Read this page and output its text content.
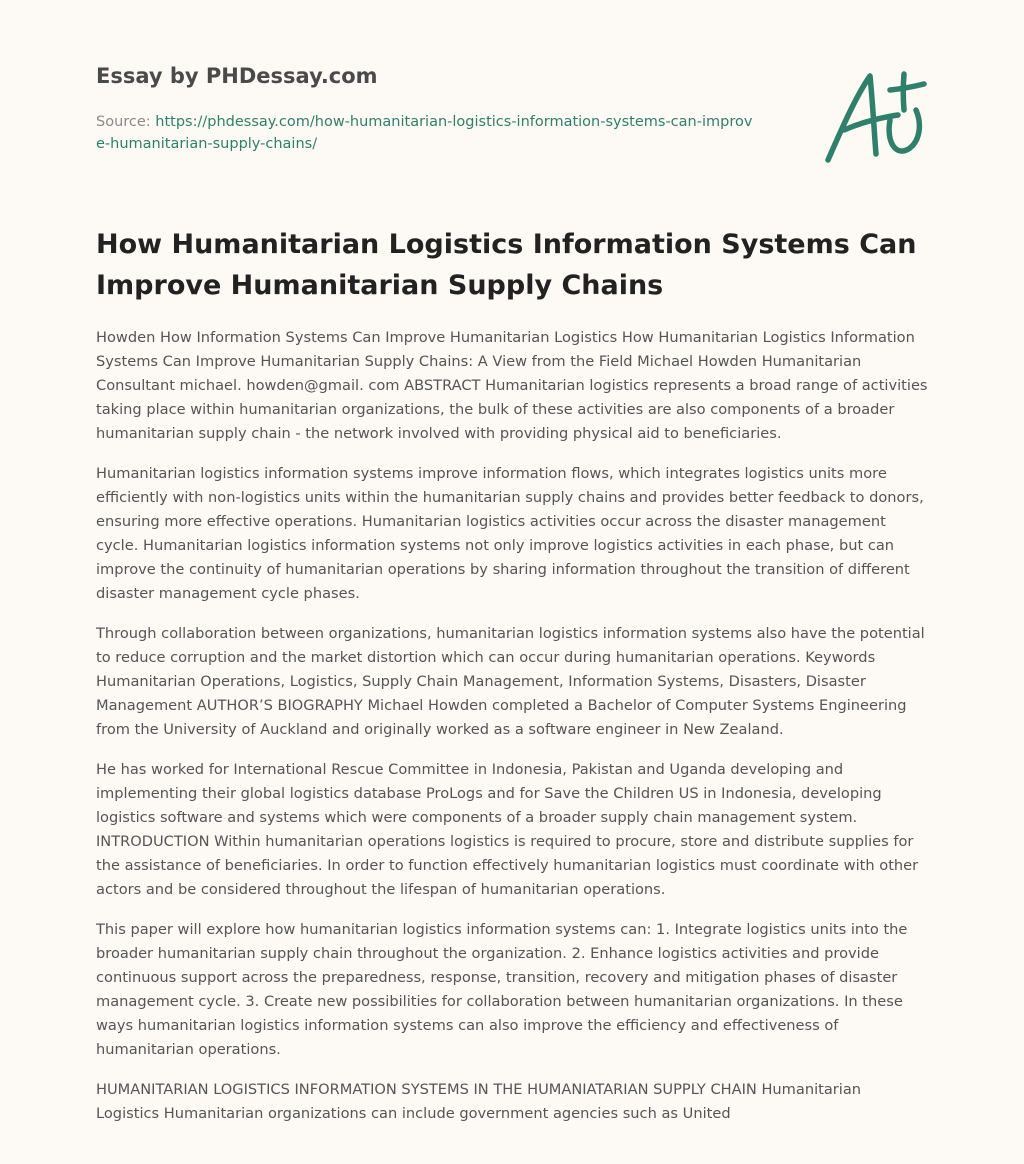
Essay by PHDessay.com
Source: https://phdessay.com/how-humanitarian-logistics-information-systems-can-improve-humanitarian-supply-chains/
How Humanitarian Logistics Information Systems Can Improve Humanitarian Supply Chains

Howden How Information Systems Can Improve Humanitarian Logistics How Humanitarian Logistics Information Systems Can Improve Humanitarian Supply Chains: A View from the Field Michael Howden Humanitarian Consultant michael. howden@gmail. com ABSTRACT Humanitarian logistics represents a broad range of activities taking place within humanitarian organizations, the bulk of these activities are also components of a broader humanitarian supply chain - the network involved with providing physical aid to beneficiaries.

Humanitarian logistics information systems improve information flows, which integrates logistics units more efficiently with non-logistics units within the humanitarian supply chains and provides better feedback to donors, ensuring more effective operations. Humanitarian logistics activities occur across the disaster management cycle. Humanitarian logistics information systems not only improve logistics activities in each phase, but can improve the continuity of humanitarian operations by sharing information throughout the transition of different disaster management cycle phases.

Through collaboration between organizations, humanitarian logistics information systems also have the potential to reduce corruption and the market distortion which can occur during humanitarian operations. Keywords Humanitarian Operations, Logistics, Supply Chain Management, Information Systems, Disasters, Disaster Management AUTHOR’S BIOGRAPHY Michael Howden completed a Bachelor of Computer Systems Engineering from the University of Auckland and originally worked as a software engineer in New Zealand.

He has worked for International Rescue Committee in Indonesia, Pakistan and Uganda developing and implementing their global logistics database ProLogs and for Save the Children US in Indonesia, developing logistics software and systems which were components of a broader supply chain management system. INTRODUCTION Within humanitarian operations logistics is required to procure, store and distribute supplies for the assistance of beneficiaries. In order to function effectively humanitarian logistics must coordinate with other actors and be considered throughout the lifespan of humanitarian operations.

This paper will explore how humanitarian logistics information systems can: 1. Integrate logistics units into the broader humanitarian supply chain throughout the organization. 2. Enhance logistics activities and provide continuous support across the preparedness, response, transition, recovery and mitigation phases of disaster management cycle. 3. Create new possibilities for collaboration between humanitarian organizations. In these ways humanitarian logistics information systems can also improve the efficiency and effectiveness of humanitarian operations.

HUMANITARIAN LOGISTICS INFORMATION SYSTEMS IN THE HUMANIATARIAN SUPPLY CHAIN Humanitarian Logistics Humanitarian organizations can include government agencies such as United
